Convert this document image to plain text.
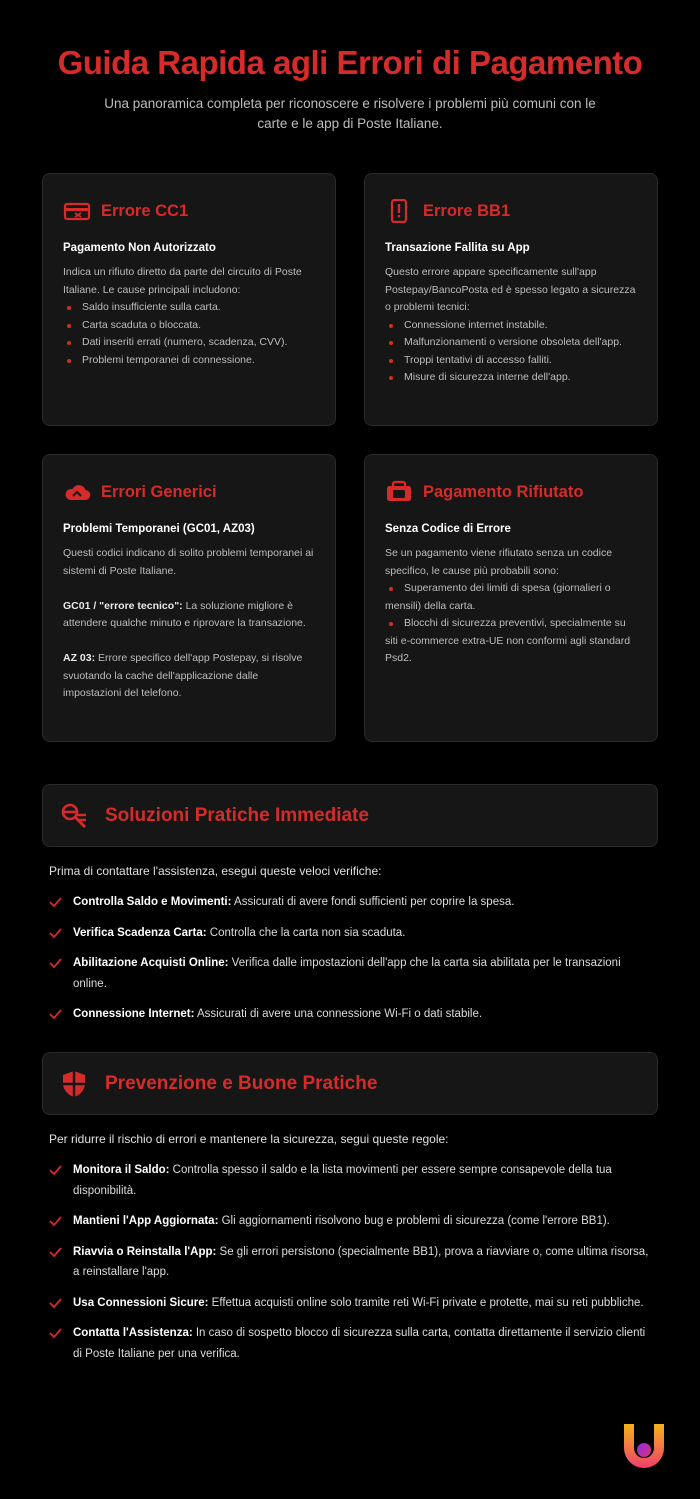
Guida Rapida agli Errori di Pagamento
Una panoramica completa per riconoscere e risolvere i problemi più comuni con le carte e le app di Poste Italiane.
Errore CC1
Pagamento Non Autorizzato
Indica un rifiuto diretto da parte del circuito di Poste Italiane. Le cause principali includono:
Saldo insufficiente sulla carta.
Carta scaduta o bloccata.
Dati inseriti errati (numero, scadenza, CVV).
Problemi temporanei di connessione.
Errore BB1
Transazione Fallita su App
Questo errore appare specificamente sull'app Postepay/BancoPosta ed è spesso legato a sicurezza o problemi tecnici:
Connessione internet instabile.
Malfunzionamenti o versione obsoleta dell'app.
Troppi tentativi di accesso falliti.
Misure di sicurezza interne dell'app.
Errori Generici
Problemi Temporanei (GC01, AZ03)
Questi codici indicano di solito problemi temporanei ai sistemi di Poste Italiane.
GC01 / "errore tecnico": La soluzione migliore è attendere qualche minuto e riprovare la transazione.
AZ 03: Errore specifico dell'app Postepay, si risolve svuotando la cache dell'applicazione dalle impostazioni del telefono.
Pagamento Rifiutato
Senza Codice di Errore
Se un pagamento viene rifiutato senza un codice specifico, le cause più probabili sono:
Superamento dei limiti di spesa (giornalieri o mensili) della carta.
Blocchi di sicurezza preventivi, specialmente su siti e-commerce extra-UE non conformi agli standard Psd2.
Soluzioni Pratiche Immediate
Prima di contattare l'assistenza, esegui queste veloci verifiche:
Controlla Saldo e Movimenti: Assicurati di avere fondi sufficienti per coprire la spesa.
Verifica Scadenza Carta: Controlla che la carta non sia scaduta.
Abilitazione Acquisti Online: Verifica dalle impostazioni dell'app che la carta sia abilitata per le transazioni online.
Connessione Internet: Assicurati di avere una connessione Wi-Fi o dati stabile.
Prevenzione e Buone Pratiche
Per ridurre il rischio di errori e mantenere la sicurezza, segui queste regole:
Monitora il Saldo: Controlla spesso il saldo e la lista movimenti per essere sempre consapevole della tua disponibilità.
Mantieni l'App Aggiornata: Gli aggiornamenti risolvono bug e problemi di sicurezza (come l'errore BB1).
Riavvia o Reinstalla l'App: Se gli errori persistono (specialmente BB1), prova a riavviare o, come ultima risorsa, a reinstallare l'app.
Usa Connessioni Sicure: Effettua acquisti online solo tramite reti Wi-Fi private e protette, mai su reti pubbliche.
Contatta l'Assistenza: In caso di sospetto blocco di sicurezza sulla carta, contatta direttamente il servizio clienti di Poste Italiane per una verifica.
